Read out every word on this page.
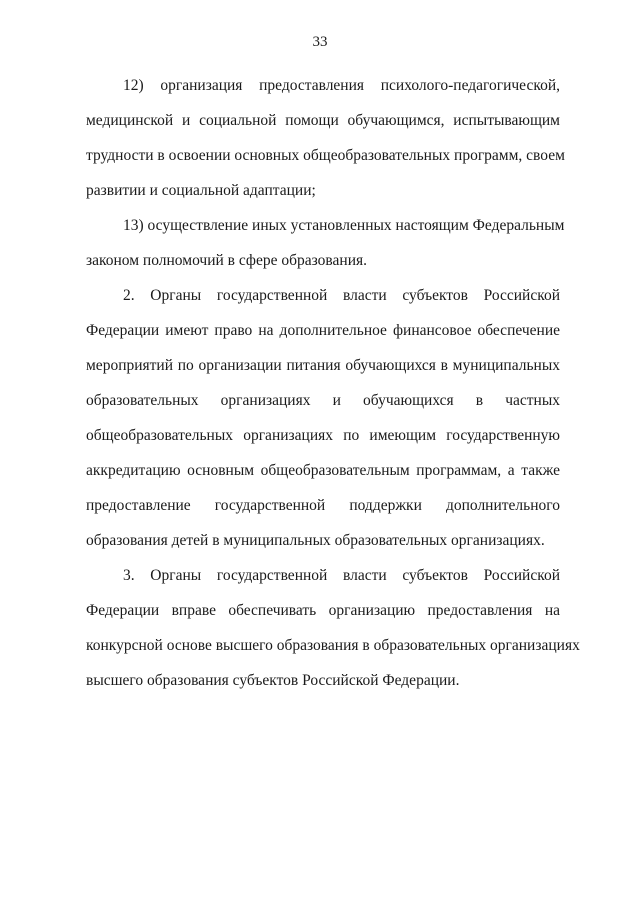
33
12) организация предоставления психолого-педагогической,
медицинской и социальной помощи обучающимся, испытывающим
трудности в освоении основных общеобразовательных программ, своем
развитии и социальной адаптации;
13) осуществление иных установленных настоящим Федеральным
законом полномочий в сфере образования.
2. Органы государственной власти субъектов Российской
Федерации имеют право на дополнительное финансовое обеспечение
мероприятий по организации питания обучающихся в муниципальных
образовательных организациях и обучающихся в частных
общеобразовательных организациях по имеющим государственную
аккредитацию основным общеобразовательным программам, а также
предоставление государственной поддержки дополнительного
образования детей в муниципальных образовательных организациях.
3. Органы государственной власти субъектов Российской
Федерации вправе обеспечивать организацию предоставления на
конкурсной основе высшего образования в образовательных организациях
высшего образования субъектов Российской Федерации.
